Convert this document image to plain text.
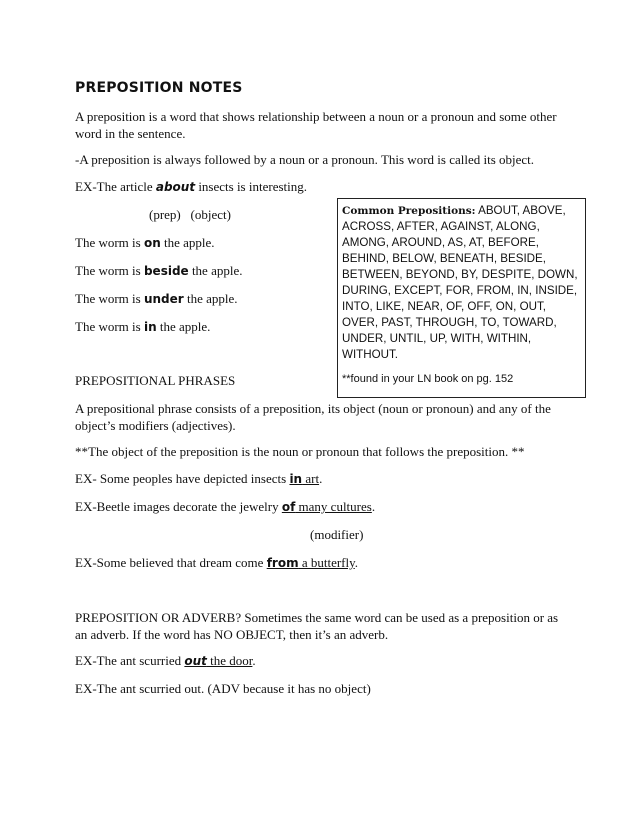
PREPOSITION NOTES
A preposition is a word that shows relationship between a noun or a pronoun and some other word in the sentence.
-A preposition is always followed by a noun or a pronoun. This word is called its object.
EX-The article about insects is interesting.
(prep)   (object)
The worm is on the apple.
The worm is beside the apple.
The worm is under the apple.
The worm is in the apple.
Common Prepositions: ABOUT, ABOVE, ACROSS, AFTER, AGAINST, ALONG, AMONG, AROUND, AS, AT, BEFORE, BEHIND, BELOW, BENEATH, BESIDE, BETWEEN, BEYOND, BY, DESPITE, DOWN, DURING, EXCEPT, FOR, FROM, IN, INSIDE, INTO, LIKE, NEAR, OF, OFF, ON, OUT, OVER, PAST, THROUGH, TO, TOWARD, UNDER, UNTIL, UP, WITH, WITHIN, WITHOUT.
**found in your LN book on pg. 152
PREPOSITIONAL PHRASES
A prepositional phrase consists of a preposition, its object (noun or pronoun) and any of the object’s modifiers (adjectives).
**The object of the preposition is the noun or pronoun that follows the preposition. **
EX- Some peoples have depicted insects in art.
EX-Beetle images decorate the jewelry of many cultures.
(modifier)
EX-Some believed that dream come from a butterfly.
PREPOSITION OR ADVERB? Sometimes the same word can be used as a preposition or as an adverb. If the word has NO OBJECT, then it’s an adverb.
EX-The ant scurried out the door.
EX-The ant scurried out. (ADV because it has no object)
